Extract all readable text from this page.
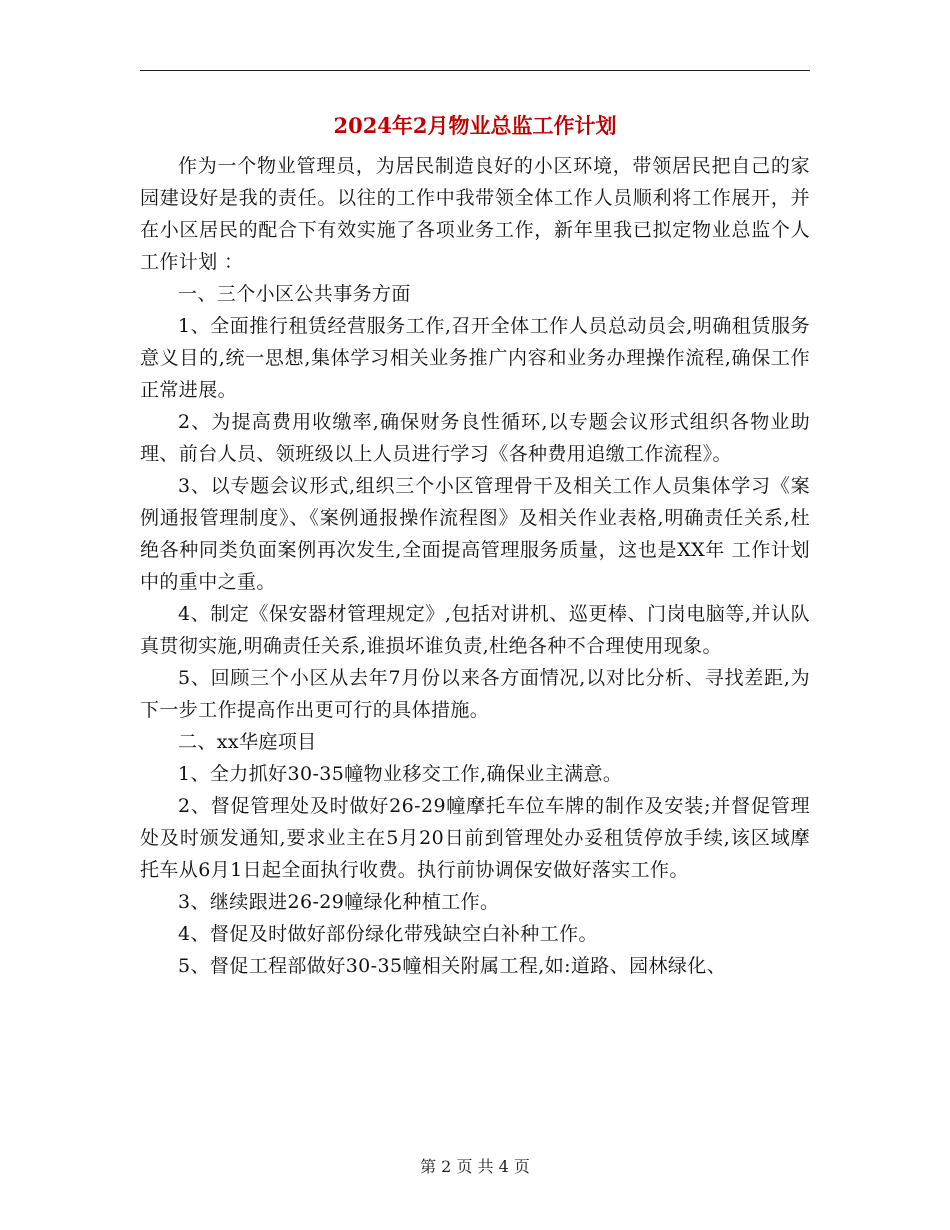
2024年2月物业总监工作计划

作为一个物业管理员，为居民制造良好的小区环境，带领居民把自己的家园建设好是我的责任。以往的工作中我带领全体工作人员顺利将工作展开，并在小区居民的配合下有效实施了各项业务工作，新年里我已拟定物业总监个人工作计划 ：

一、三个小区公共事务方面

1、全面推行租赁经营服务工作,召开全体工作人员总动员会,明确租赁服务意义目的,统一思想,集体学习相关业务推广内容和业务办理操作流程,确保工作正常进展。

2、为提高费用收缴率,确保财务良性循环,以专题会议形式组织各物业助理、前台人员、领班级以上人员进行学习《各种费用追缴工作流程》。

3、以专题会议形式,组织三个小区管理骨干及相关工作人员集体学习《案例通报管理制度》、《案例通报操作流程图》及相关作业表格,明确责任关系,杜绝各种同类负面案例再次发生,全面提高管理服务质量，这也是XX年 工作计划 中的重中之重。

4、制定《保安器材管理规定》,包括对讲机、巡更棒、门岗电脑等,并认队真贯彻实施,明确责任关系,谁损坏谁负责,杜绝各种不合理使用现象。

5、回顾三个小区从去年7月份以来各方面情况,以对比分析、寻找差距,为下一步工作提高作出更可行的具体措施。

二、xx华庭项目

1、全力抓好30-35幢物业移交工作,确保业主满意。

2、督促管理处及时做好26-29幢摩托车位车牌的制作及安装;并督促管理处及时颁发通知,要求业主在5月20日前到管理处办妥租赁停放手续,该区域摩托车从6月1日起全面执行收费。执行前协调保安做好落实工作。

3、继续跟进26-29幢绿化种植工作。

4、督促及时做好部份绿化带残缺空白补种工作。

5、督促工程部做好30-35幢相关附属工程,如:道路、园林绿化、

第 2 页 共 4 页
